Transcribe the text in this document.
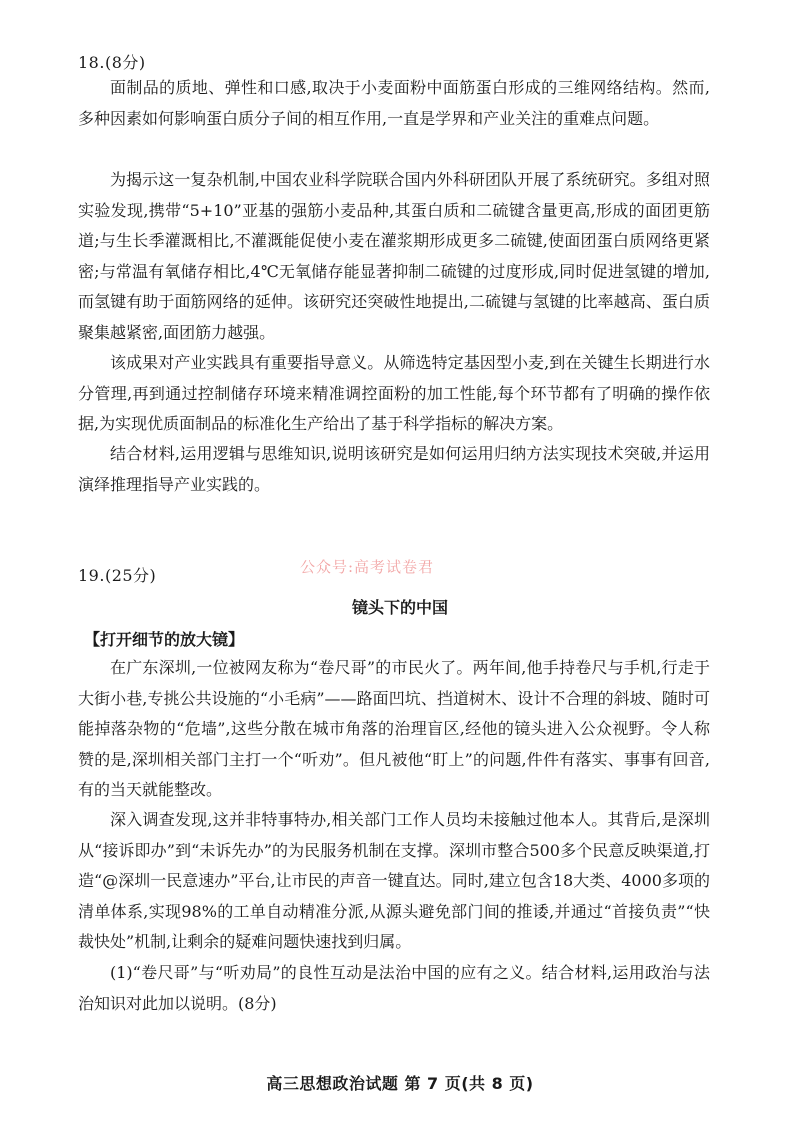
18.(8分)

面制品的质地、弹性和口感,取决于小麦面粉中面筋蛋白形成的三维网络结构。然而,多种因素如何影响蛋白质分子间的相互作用,一直是学界和产业关注的重难点问题。

为揭示这一复杂机制,中国农业科学院联合国内外科研团队开展了系统研究。多组对照实验发现,携带“5+10”亚基的强筋小麦品种,其蛋白质和二硫键含量更高,形成的面团更筋道;与生长季灌溉相比,不灌溉能促使小麦在灌浆期形成更多二硫键,使面团蛋白质网络更紧密;与常温有氧储存相比,4℃无氧储存能显著抑制二硫键的过度形成,同时促进氢键的增加,而氢键有助于面筋网络的延伸。该研究还突破性地提出,二硫键与氢键的比率越高、蛋白质聚集越紧密,面团筋力越强。

该成果对产业实践具有重要指导意义。从筛选特定基因型小麦,到在关键生长期进行水分管理,再到通过控制储存环境来精准调控面粉的加工性能,每个环节都有了明确的操作依据,为实现优质面制品的标准化生产给出了基于科学指标的解决方案。

结合材料,运用逻辑与思维知识,说明该研究是如何运用归纳方法实现技术突破,并运用演绎推理指导产业实践的。

公众号:高考试卷君
19.(25分)
镜头下的中国
【打开细节的放大镜】

在广东深圳,一位被网友称为“卷尺哥”的市民火了。两年间,他手持卷尺与手机,行走于大街小巷,专挑公共设施的“小毛病”——路面凹坑、挡道树木、设计不合理的斜坡、随时可能掉落杂物的“危墙”,这些分散在城市角落的治理盲区,经他的镜头进入公众视野。令人称赞的是,深圳相关部门主打一个“听劝”。但凡被他“盯上”的问题,件件有落实、事事有回音,有的当天就能整改。

深入调查发现,这并非特事特办,相关部门工作人员均未接触过他本人。其背后,是深圳从“接诉即办”到“未诉先办”的为民服务机制在支撑。深圳市整合500多个民意反映渠道,打造“@深圳一民意速办”平台,让市民的声音一键直达。同时,建立包含18大类、4000多项的清单体系,实现98%的工单自动精准分派,从源头避免部门间的推诿,并通过“首接负责”“快裁快处”机制,让剩余的疑难问题快速找到归属。

(1)“卷尺哥”与“听劝局”的良性互动是法治中国的应有之义。结合材料,运用政治与法治知识对此加以说明。(8分)

高三思想政治试题 第 7 页(共 8 页)
